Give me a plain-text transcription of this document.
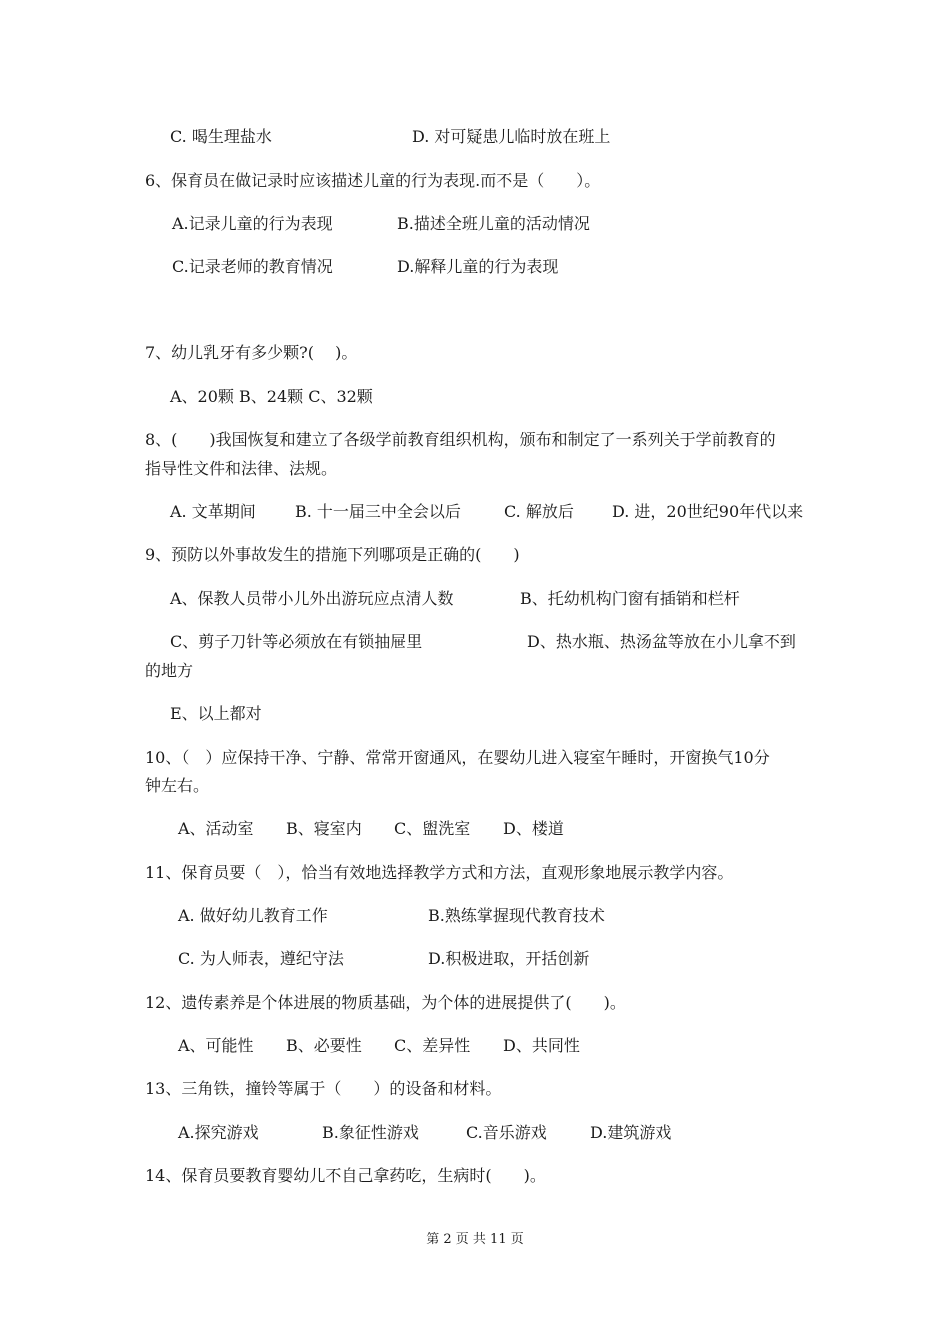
C. 喝生理盐水	D. 对可疑患儿临时放在班上
6、保育员在做记录时应该描述儿童的行为表现.而不是（　　）。
A.记录儿童的行为表现	B.描述全班儿童的活动情况
C.记录老师的教育情况	D.解释儿童的行为表现
7、幼儿乳牙有多少颗?(　 )。
A、20颗 B、24颗 C、32颗
8、(　　)我国恢复和建立了各级学前教育组织机构，颁布和制定了一系列关于学前教育的
指导性文件和法律、法规。
A. 文革期间 B. 十一届三中全会以后	C. 解放后 D. 进，20世纪90年代以来
9、预防以外事故发生的措施下列哪项是正确的(　　)
A、保教人员带小儿外出游玩应点清人数	B、托幼机构门窗有插销和栏杆
C、剪子刀针等必须放在有锁抽屉里	D、热水瓶、热汤盆等放在小儿拿不到
的地方
E、以上都对
10、（　）应保持干净、宁静、常常开窗通风，在婴幼儿进入寝室午睡时，开窗换气10分
钟左右。
A、活动室 B、寝室内 C、盥洗室 D、楼道
11、保育员要（　），恰当有效地选择教学方式和方法，直观形象地展示教学内容。
A. 做好幼儿教育工作	B.熟练掌握现代教育技术
C. 为人师表，遵纪守法	D.积极进取，开括创新
12、遗传素养是个体进展的物质基础，为个体的进展提供了(　　)。
A、可能性 B、必要性 C、差异性 D、共同性
13、三角铁，撞铃等属于（　　）的设备和材料。
A.探究游戏	B.象征性游戏	C.音乐游戏	D.建筑游戏
14、保育员要教育婴幼儿不自己拿药吃，生病时(　　)。
第 2 页 共 11 页
